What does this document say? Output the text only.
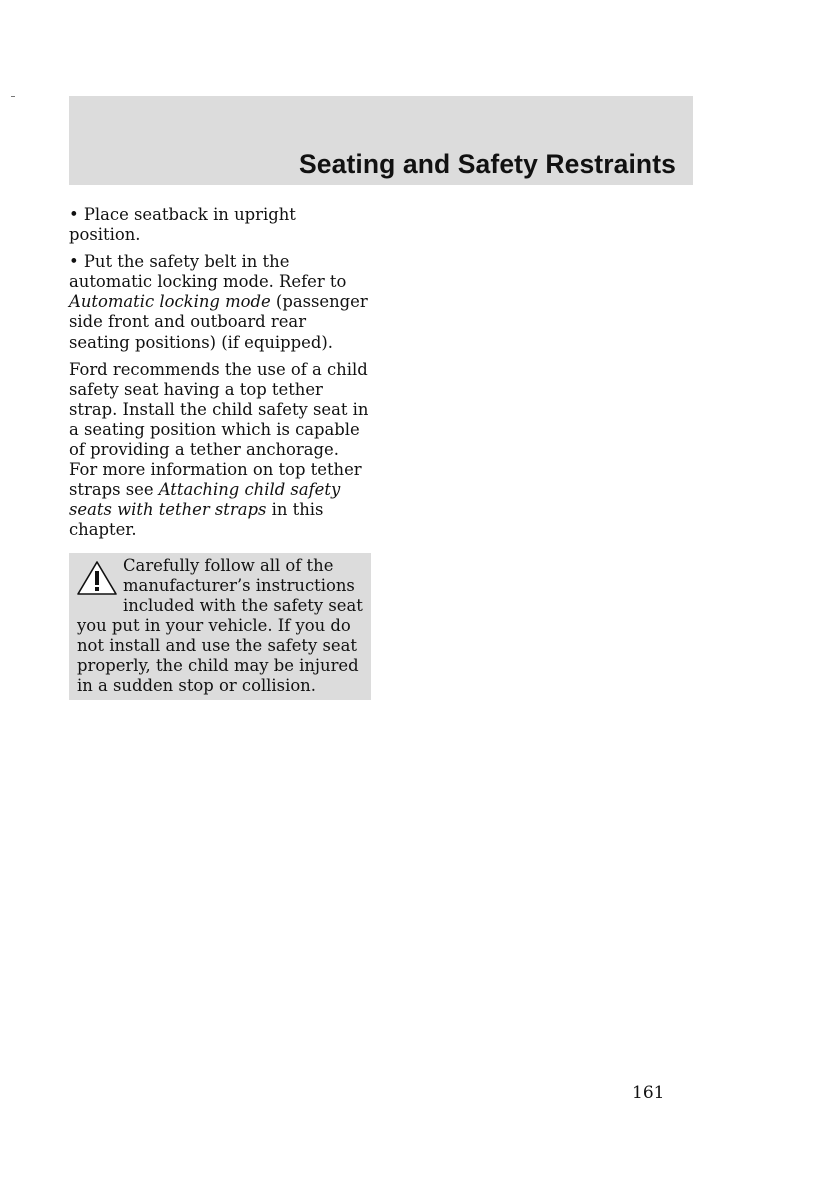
Seating and Safety Restraints

• Place seatback in upright position.

• Put the safety belt in the automatic locking mode. Refer to Automatic locking mode (passenger side front and outboard rear seating positions) (if equipped).

Ford recommends the use of a child safety seat having a top tether strap. Install the child safety seat in a seating position which is capable of providing a tether anchorage. For more information on top tether straps see Attaching child safety seats with tether straps in this chapter.

Carefully follow all of the manufacturer’s instructions included with the safety seat you put in your vehicle. If you do not install and use the safety seat properly, the child may be injured in a sudden stop or collision.
161
